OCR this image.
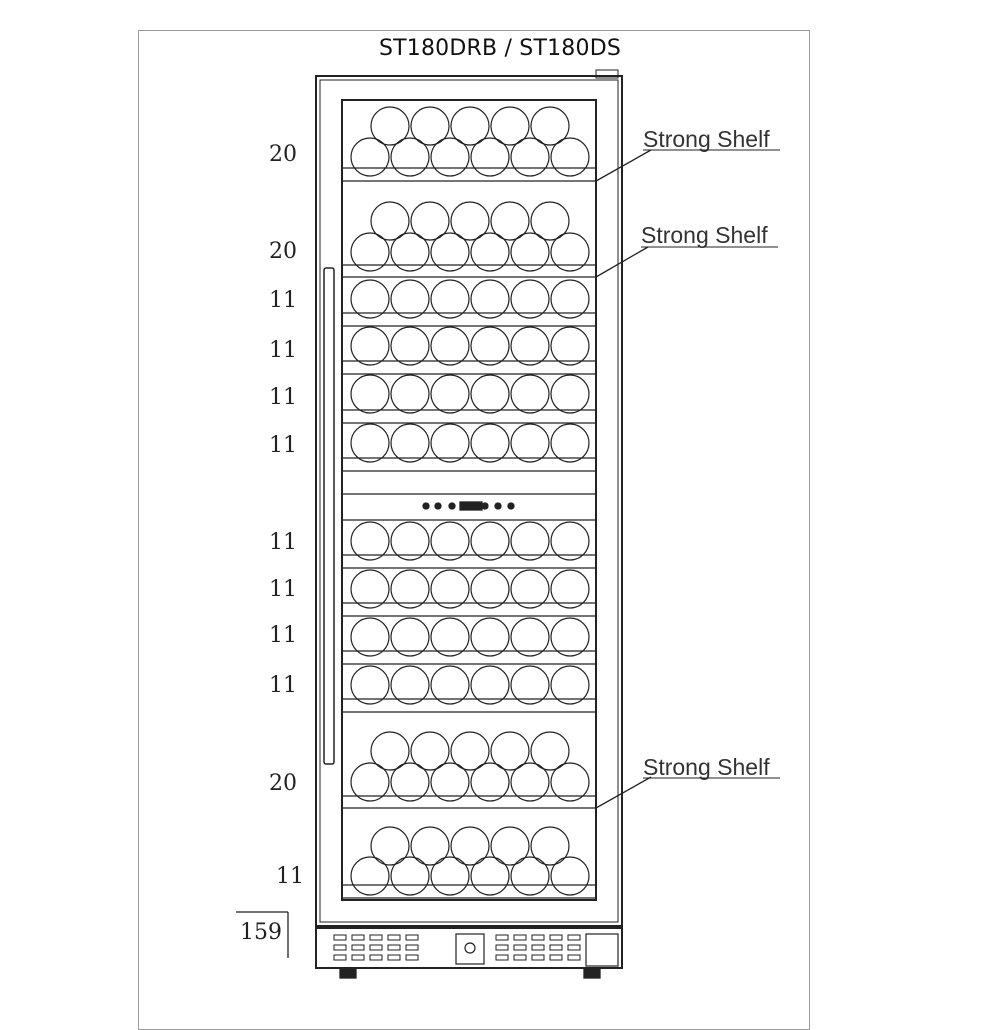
ST180DRB / ST180DS
20
20
11
11
11
11
11
11
11
11
20
11
159
Strong Shelf
Strong Shelf
Strong Shelf
